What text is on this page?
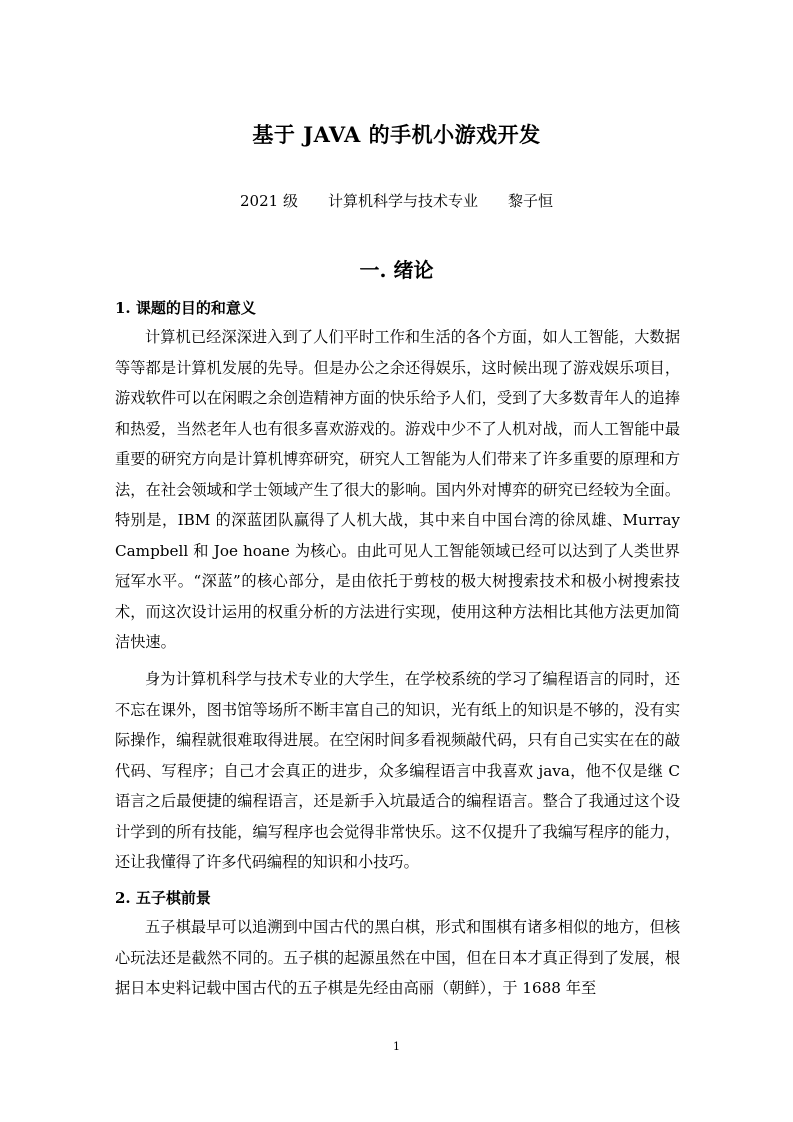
基于 JAVA 的手机小游戏开发
2021 级 计算机科学与技术专业 黎子恒
一. 绪论
1. 课题的目的和意义

计算机已经深深进入到了人们平时工作和生活的各个方面，如人工智能，大数据等等都是计算机发展的先导。但是办公之余还得娱乐，这时候出现了游戏娱乐项目，游戏软件可以在闲暇之余创造精神方面的快乐给予人们，受到了大多数青年人的追捧和热爱，当然老年人也有很多喜欢游戏的。游戏中少不了人机对战，而人工智能中最重要的研究方向是计算机博弈研究，研究人工智能为人们带来了许多重要的原理和方法，在社会领域和学士领域产生了很大的影响。国内外对博弈的研究已经较为全面。特别是，IBM 的深蓝团队赢得了人机大战，其中来自中国台湾的徐凤雄、Murray Campbell 和 Joe hoane 为核心。由此可见人工智能领域已经可以达到了人类世界冠军水平。“深蓝”的核心部分，是由依托于剪枝的极大树搜索技术和极小树搜索技术，而这次设计运用的权重分析的方法进行实现，使用这种方法相比其他方法更加简洁快速。

身为计算机科学与技术专业的大学生，在学校系统的学习了编程语言的同时，还不忘在课外，图书馆等场所不断丰富自己的知识，光有纸上的知识是不够的，没有实际操作，编程就很难取得进展。在空闲时间多看视频敲代码，只有自己实实在在的敲代码、写程序；自己才会真正的进步，众多编程语言中我喜欢 java，他不仅是继 C 语言之后最便捷的编程语言，还是新手入坑最适合的编程语言。整合了我通过这个设计学到的所有技能，编写程序也会觉得非常快乐。这不仅提升了我编写程序的能力，还让我懂得了许多代码编程的知识和小技巧。

2. 五子棋前景

五子棋最早可以追溯到中国古代的黑白棋，形式和围棋有诸多相似的地方，但核心玩法还是截然不同的。五子棋的起源虽然在中国，但在日本才真正得到了发展，根据日本史料记载中国古代的五子棋是先经由高丽（朝鲜），于 1688 年至

1
